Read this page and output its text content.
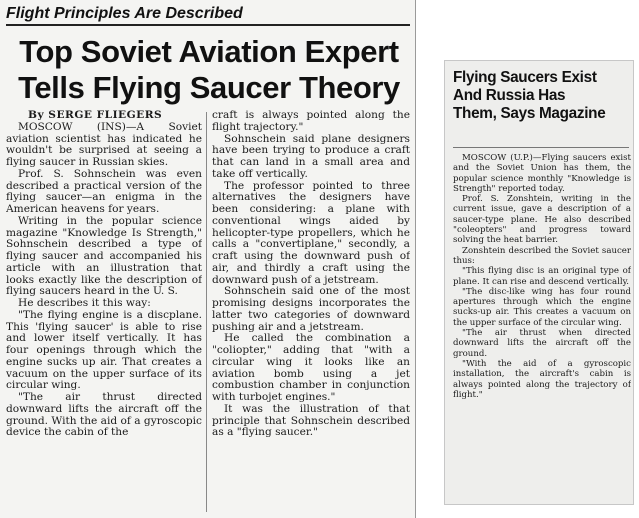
Flight Principles Are Described
Top Soviet Aviation Expert
Tells Flying Saucer Theory

By SERGE FLIEGERS

MOSCOW (INS)—A Soviet aviation scientist has indicated he wouldn't be surprised at seeing a flying saucer in Russian skies.

Prof. S. Sohnschein was even described a practical version of the flying saucer—an enigma in the American heavens for years.

Writing in the popular science magazine "Knowledge Is Strength," Sohnschein described a type of flying saucer and accompanied his article with an illustration that looks exactly like the description of flying saucers heard in the U. S.

He describes it this way:

"The flying engine is a discplane. This 'flying saucer' is able to rise and lower itself vertically. It has four openings through which the engine sucks up air. That creates a vacuum on the upper surface of its circular wing.

"The air thrust directed downward lifts the aircraft off the ground. With the aid of a gyroscopic device the cabin of the

craft is always pointed along the flight trajectory."

Sohnschein said plane designers have been trying to produce a craft that can land in a small area and take off vertically.

The professor pointed to three alternatives the designers have been considering: a plane with conventional wings aided by helicopter-type propellers, which he calls a "convertiplane," secondly, a craft using the downward push of air, and thirdly a craft using the downward push of a jetstream.

Sohnschein said one of the most promising designs incorporates the latter two categories of downward pushing air and a jetstream.

He called the combination a "coliopter," adding that "with a circular wing it looks like an aviation bomb using a jet combustion chamber in conjunction with turbojet engines."

It was the illustration of that principle that Sohnschein described as a "flying saucer."

Flying Saucers Exist
And Russia Has
Them, Says Magazine

MOSCOW (U.P.)—Flying saucers exist and the Soviet Union has them, the popular science monthly "Knowledge is Strength" reported today.

Prof. S. Zonshtein, writing in the current issue, gave a description of a saucer-type plane. He also described "coleopters" and progress toward solving the heat barrier.

Zonshtein described the Soviet saucer thus:

"This flying disc is an original type of plane. It can rise and descend vertically.

"The disc-like wing has four round apertures through which the engine sucks-up air. This creates a vacuum on the upper surface of the circular wing.

"The air thrust when directed downward lifts the aircraft off the ground.

"With the aid of a gyroscopic installation, the aircraft's cabin is always pointed along the trajectory of flight."
